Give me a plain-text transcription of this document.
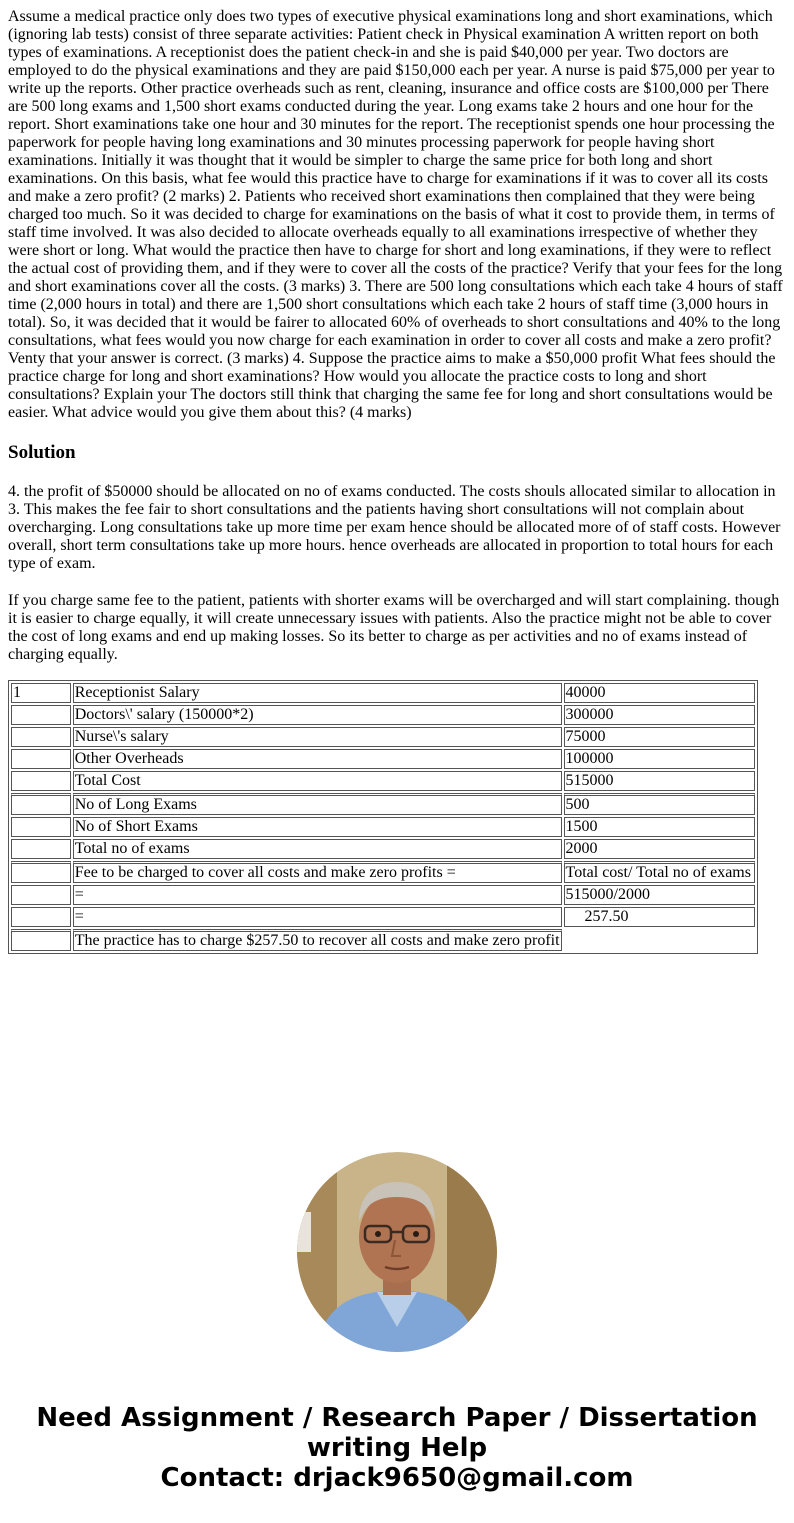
Assume a medical practice only does two types of executive physical examinations long and short examinations, which (ignoring lab tests) consist of three separate activities: Patient check in Physical examination A written report on both types of examinations. A receptionist does the patient check-in and she is paid $40,000 per year. Two doctors are employed to do the physical examinations and they are paid $150,000 each per year. A nurse is paid $75,000 per year to write up the reports. Other practice overheads such as rent, cleaning, insurance and office costs are $100,000 per There are 500 long exams and 1,500 short exams conducted during the year. Long exams take 2 hours and one hour for the report. Short examinations take one hour and 30 minutes for the report. The receptionist spends one hour processing the paperwork for people having long examinations and 30 minutes processing paperwork for people having short examinations. Initially it was thought that it would be simpler to charge the same price for both long and short examinations. On this basis, what fee would this practice have to charge for examinations if it was to cover all its costs and make a zero profit? (2 marks) 2. Patients who received short examinations then complained that they were being charged too much. So it was decided to charge for examinations on the basis of what it cost to provide them, in terms of staff time involved. It was also decided to allocate overheads equally to all examinations irrespective of whether they were short or long. What would the practice then have to charge for short and long examinations, if they were to reflect the actual cost of providing them, and if they were to cover all the costs of the practice? Verify that your fees for the long and short examinations cover all the costs. (3 marks) 3. There are 500 long consultations which each take 4 hours of staff time (2,000 hours in total) and there are 1,500 short consultations which each take 2 hours of staff time (3,000 hours in total). So, it was decided that it would be fairer to allocated 60% of overheads to short consultations and 40% to the long consultations, what fees would you now charge for each examination in order to cover all costs and make a zero profit? Venty that your answer is correct. (3 marks) 4. Suppose the practice aims to make a $50,000 profit What fees should the practice charge for long and short examinations? How would you allocate the practice costs to long and short consultations? Explain your The doctors still think that charging the same fee for long and short consultations would be easier. What advice would you give them about this? (4 marks)

Solution

4. the profit of $50000 should be allocated on no of exams conducted. The costs shouls allocated similar to allocation in 3. This makes the fee fair to short consultations and the patients having short consultations will not complain about overcharging. Long consultations take up more time per exam hence should be allocated more of of staff costs. However overall, short term consultations take up more hours. hence overheads are allocated in proportion to total hours for each type of exam.

If you charge same fee to the patient, patients with shorter exams will be overcharged and will start complaining. though it is easier to charge equally, it will create unnecessary issues with patients. Also the practice might not be able to cover the cost of long exams and end up making losses. So its better to charge as per activities and no of exams instead of charging equally.

1	Receptionist Salary	40000
	Doctors\' salary (150000*2)	300000
	Nurse\'s salary	75000
	Other Overheads	100000
	Total Cost	515000
	No of Long Exams	500
	No of Short Exams	1500
	Total no of exams	2000
	Fee to be charged to cover all costs and make zero profits =	Total cost/ Total no of exams
	=	515000/2000
	=	257.50
	The practice has to charge $257.50 to recover all costs and make zero profit	
Need Assignment / Research Paper / Dissertation
writing Help
Contact: drjack9650@gmail.com
